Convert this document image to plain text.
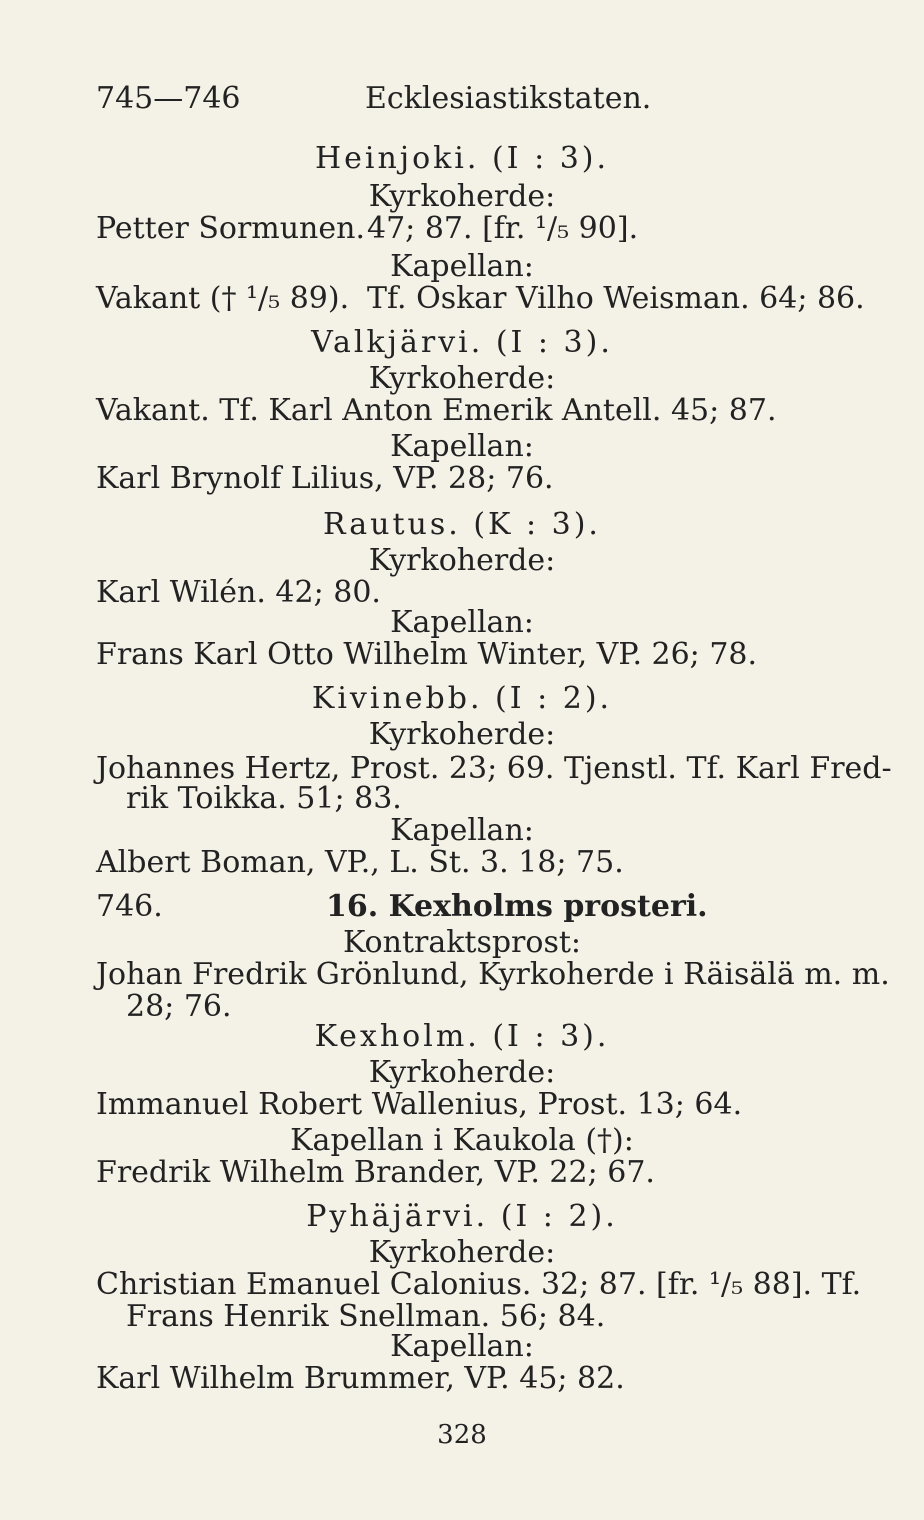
745—746	Ecklesiastikstaten.
Heinjoki. (I : 3).
Kyrkoherde:
Petter Sormunen. 47; 87. [fr. ¹/₅ 90].
Kapellan:
Vakant († ¹/₅ 89). Tf. Oskar Vilho Weisman. 64; 86.
Valkjärvi. (I : 3).
Kyrkoherde:
Vakant. Tf. Karl Anton Emerik Antell. 45; 87.
Kapellan:
Karl Brynolf Lilius, VP. 28; 76.
Rautus. (K : 3).
Kyrkoherde:
Karl Wilén. 42; 80.
Kapellan:
Frans Karl Otto Wilhelm Winter, VP. 26; 78.
Kivinebb. (I : 2).
Kyrkoherde:
Johannes Hertz, Prost. 23; 69. Tjenstl. Tf. Karl Fred-
rik Toikka. 51; 83.
Kapellan:
Albert Boman, VP., L. St. 3. 18; 75.
746.	16. Kexholms prosteri.
Kontraktsprost:
Johan Fredrik Grönlund, Kyrkoherde i Räisälä m. m.
28; 76.
Kexholm. (I : 3).
Kyrkoherde:
Immanuel Robert Wallenius, Prost. 13; 64.
Kapellan i Kaukola (†):
Fredrik Wilhelm Brander, VP. 22; 67.
Pyhäjärvi. (I : 2).
Kyrkoherde:
Christian Emanuel Calonius. 32; 87. [fr. ¹/₅ 88]. Tf.
Frans Henrik Snellman. 56; 84.
Kapellan:
Karl Wilhelm Brummer, VP. 45; 82.
328
